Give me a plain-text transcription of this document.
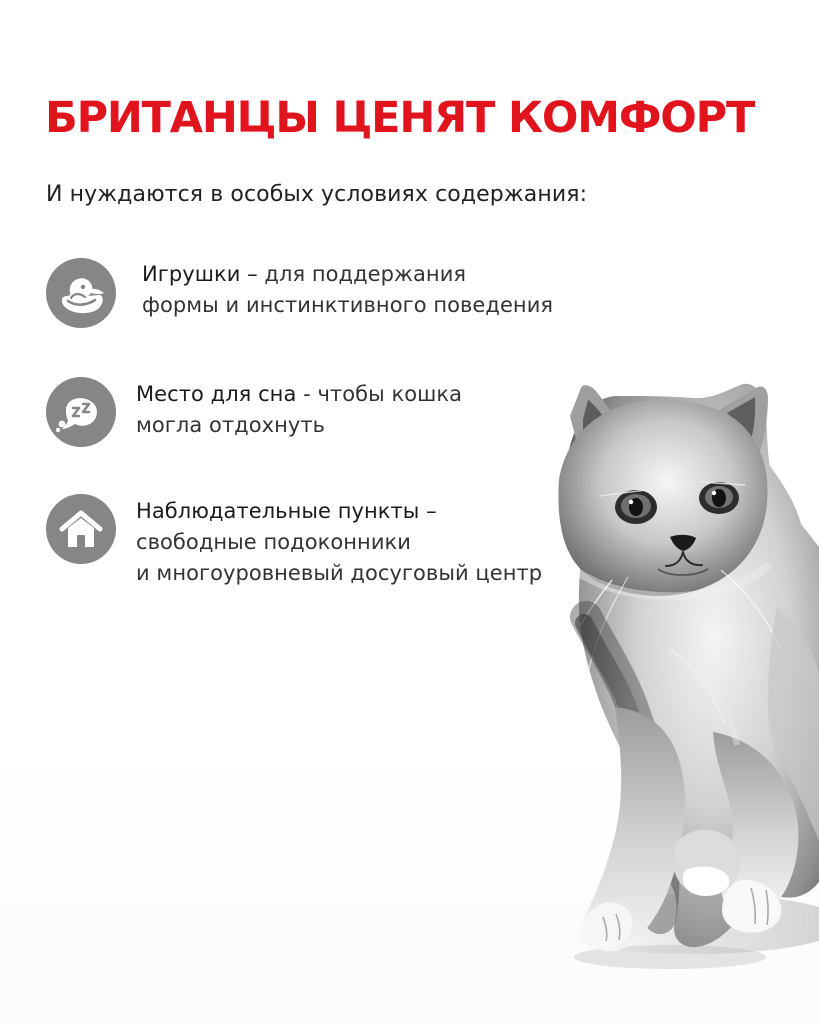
БРИТАНЦЫ ЦЕНЯТ КОМФОРТ

И нуждаются в особых условиях содержания:

Игрушки – для поддержания
формы и инстинктивного поведения
Место для сна - чтобы кошка
могла отдохнуть
Наблюдательные пункты –
свободные подоконники
и многоуровневый досуговый центр
